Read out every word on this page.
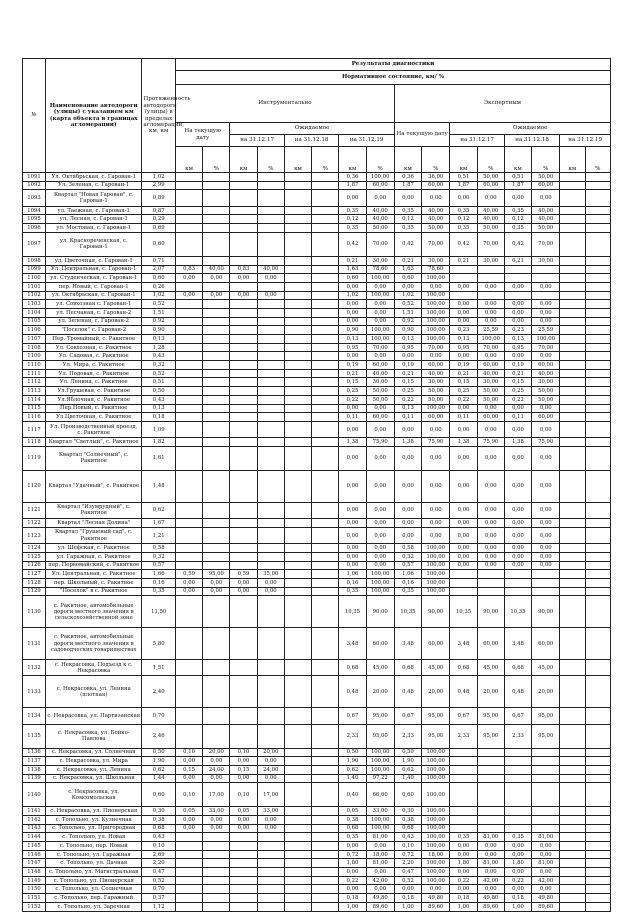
№	Наименование автодороги (улицы) с указанием км (карта объекта в границах агломерации)	Протяженность автодороги (улицы) в пределах агломерации, км, км	Результаты диагностики															
			Нормативное состояние, км/ %															
			Инструментально								Экспертным							
			На текущую дату		Ожидаемое						На текущую дату		Ожидаемое					
					на 31.12.17		на 31.12.18		на 31.12.19				на 31.12.17		на 31.12.18		на 31.12.19	
			км	%	км	%	км	%	км	%	км	%	км	%	км	%	км	%
1091	Ул. Октябрьская, с. Гарован-1	1,02							0,36	100,00	0,36	36,00	0,51	50,00	0,51	50,00		
1092	Ул. Зеленая, с. Гарован-1	2,99							1,87	60,00	1,87	60,00	1,87	60,00	1,87	60,00		
1093	Квартал "Новая Гарован", с. Гарован-1	0,89							0,00	0,00	0,00	0,00	0,00	0,00	0,00	0,00		
1094	ул. Таежная, с. Гарован-1	0,87							0,35	40,00	0,35	40,00	0,35	40,00	0,35	40,00		
1095	ул. Лесная, с. Гарован-1	0,29							0,12	40,00	0,12	40,00	0,12	40,00	0,12	40,00		
1096	ул. Мостовая, с. Гарован-1	0,69							0,35	50,00	0,35	50,00	0,35	50,00	0,35	50,00		
1097	ул. Краснореченская, с. Гарован-1	0,60							0,42	70,00	0,42	70,00	0,42	70,00	0,42	70,00		
1098	ул. Цветочная, с. Гарован-1	0,71							0,21	30,00	0,21	30,00	0,21	30,00	0,21	30,00		
1099	Ул. Центральная, с. Гарован-1	2,07	0,83	40,00	0,83	40,00			1,63	78,60	1,63	78,60						
1100	ул. Студенческая, с. Гарован-1	0,60	0,00	0,00	0,00	0,00			0,60	100,00	0,60	100,00						
1101	пер. Новый, с. Гарован-1	0,26							0,00	0,00	0,00	0,00	0,00	0,00	0,00	0,00		
1102	ул. Октябрьская, с. Гарован-1	1,02	0,00	0,00	0,00	0,00			1,02	100,00	1,02	100,00						
1103	ул. Совхозная с. Гарован-1	0,52							0,00	0,00	0,52	100,00	0,00	0,00	0,00	0,00		
1104	ул. Песчаная, с. Гарован-2	1,51							0,00	0,00	1,51	100,00	0,00	0,00	0,00	0,00		
1105	ул. Зеленая, с. Гарован-2	0,92							0,00	0,00	0,92	100,00	0,00	0,00	0,00	0,00		
1106	"Поселок" с. Гарован-2	0,90							0,90	100,00	0,90	100,00	0,23	25,59	0,23	25,59		
1107	Пер. Тромайный, с. Ракитное	0,13							0,13	100,00	0,13	100,00	0,13	100,00	0,13	100,00		
1108	Ул. Совхозная, с. Ракитное	1,28							0,95	70,00	0,95	70,00	0,95	70,00	0,95	70,00		
1109	Ул. Садовая, с. Ракитное	0,43							0,00	0,00	0,00	0,00	0,00	0,00	0,00	0,00		
1110	Ул. Мира, с. Ракитное	0,32							0,19	60,00	0,19	60,00	0,19	60,00	0,19	60,00		
1111	Ул. Подовая, с. Ракитное	0,52							0,21	40,00	0,21	40,00	0,21	40,00	0,21	40,00		
1112	Ул. Ленина, с. Ракитное	0,51							0,15	30,00	0,15	30,00	0,15	30,00	0,15	30,00		
1113	Ул.Грушевая, с. Ракитное	0,50							0,25	50,00	0,25	50,00	0,25	50,00	0,25	50,00		
1114	Ул.Яблочная, с. Ракитное	0,43							0,22	50,00	0,22	50,00	0,22	50,00	0,22	50,00		
1115	Пер.Новый, с. Ракитное	0,13							0,00	0,00	0,13	100,00	0,00	0,00	0,00	0,00		
1116	Ул.Цветочная, с. Ракитное	0,18							0,11	60,00	0,11	60,00	0,11	60,00	0,11	60,00		
1117	Ул. Производственный проезд, с. Ракитное	1,09							0,00	0,00	0,00	0,00	0,00	0,00	0,00	0,00		
1118	Квартал "Светлый", с. Ракитное	1,82							1,38	75,90	1,38	75,90	1,38	75,90	1,38	75,90		
1119	Квартал "Солнечный", с. Ракитное	1,61							0,00	0,00	0,00	0,00	0,00	0,00	0,00	0,00		
1120	Квартал "Удачный", с. Ракитное	1,48							0,00	0,00	0,00	0,00	0,00	0,00	0,00	0,00		
1121	Квартал "Изумрудный", с. Ракитное	0,62							0,00	0,00	0,00	0,00	0,00	0,00	0,00	0,00		
1122	Квартал "Лесная Долина"	1,67							0,00	0,00	0,00	0,00	0,00	0,00	0,00	0,00		
1123	Квартал "Грушевый сад", с. Ракитное	1,21							0,00	0,00	0,00	0,00	0,00	0,00	0,00	0,00		
1124	ул. Шефская, с. Ракитное	0,58							0,00	0,00	0,58	100,00	0,00	0,00	0,00	0,00		
1125	ул. Гаражная, с. Ракитное	0,32							0,00	0,00	0,32	100,00	0,00	0,00	0,00	0,00		
1126	пер. Первомайский, с. Ракитное	0,57							0,00	0,00	0,57	100,00	0,00	0,00	0,00	0,00		
1127	Ул. Центральная, с. Ракитное	1,66	0,59	95,00	0,59	35,00			1,06	100,00	1,06	100,00						
1128	пер. Школьный, с. Ракитное	0,16	0,00	0,00	0,00	0,00			0,16	100,00	0,16	100,00						
1129	"Поселок" в с. Ракитное	0,35	0,00	0,00	0,00	0,00			0,35	100,00	0,35	100,00						
1130	с. Ракитное, автомобильные дороги местного значения в сельскохозяйственной зоне	11,50							10,35	90,00	10,35	90,00	10,35	90,00	10,35	90,00		
1131	с. Ракитное, автомобильные дороги местного значения в садоводческих товариществах	5,80							3,48	60,00	3,48	60,00	3,48	60,00	3,48	60,00		
1132	с. Некрасовка, Подъезд к с. Некрасовка	1,51							0,68	45,00	0,68	45,00	0,68	45,00	0,68	45,00		
1133	с. Некрасовка, ул. Ленина (плотная)	2,40							0,48	20,00	0,48	20,00	0,48	20,00	0,48	20,00		
1134	с. Некрасовка, ул. Партизанская	0,70							0,67	95,00	0,67	95,00	0,67	95,00	0,67	95,00		
1135	с. Некрасовка, ул. Бойко-Павлова	2,46							2,33	95,00	2,33	95,00	2,33	95,00	2,33	95,00		
1136	с. Некрасовка, ул. Солнечная	0,50	0,10	20,00	0,10	20,00			0,50	100,00	0,50	100,00						
1137	с. Некрасовка, ул. Мира	1,90	0,00	0,00	0,00	0,00			1,90	100,00	1,90	100,00						
1138	с. Некрасовка, ул. Ленина	0,62	0,15	24,00	0,15	24,00			0,62	100,00	0,62	100,00						
1139	с. Некрасовка, ул. Школьная	1,44	0,00	0,00	0,00	0,00			1,40	97,22	1,40	100,00						
1140	с. Некрасовка, ул. Комсомольская	0,60	0,10	17,00	0,10	17,00			0,40	66,60	0,60	100,00						
1141	с. Некрасовка, ул. Пионерская	0,30	0,05	33,00	0,05	33,00			0,05	33,00	0,30	100,00						
1142	с. Топольно, ул. Кузнечная	0,38	0,00	0,00	0,00	0,00			0,38	100,00	0,38	100,00						
1143	с. Топольно, ул. Пригородная	0,68	0,00	0,00	0,00	0,00			0,68	100,00	0,68	100,00						
1144	с. Топольно, ул. Новая	0,43							0,35	81,00	0,43	100,00	0,35	81,00	0,35	81,00		
1145	с. Топольно, пер. Новый	0,10							0,00	0,00	0,10	100,00	0,00	0,00	0,00	0,00		
1146	с. Топольно, ул. Гаражная	2,69							0,72	18,00	0,72	18,00	0,00	0,00	0,00	0,00		
1147	с. Топольно, ул. Дачная	2,20							1,80	81,00	2,20	100,00	1,80	81,00	1,80	81,00		
1148	с. Топольно, ул. Магистральная	0,47							0,00	0,00	0,47	100,00	0,00	0,00	0,00	0,00		
1149	с. Топольно, ул. Пионерская	0,52							0,22	42,00	0,52	100,00	0,22	42,00	0,22	42,00		
1150	с. Топольно, ул. Солнечная	0,70							0,00	0,00	0,00	0,00	0,00	0,00	0,00	0,00		
1151	с. Топольно, пер. Гаражный	0,37							0,18	49,80	0,18	49,80	0,18	49,80	0,18	49,80		
1152	с. Топольно, ул. Заречная	1,12							1,00	89,60	1,00	89,60	1,00	89,60	1,00	89,60		
